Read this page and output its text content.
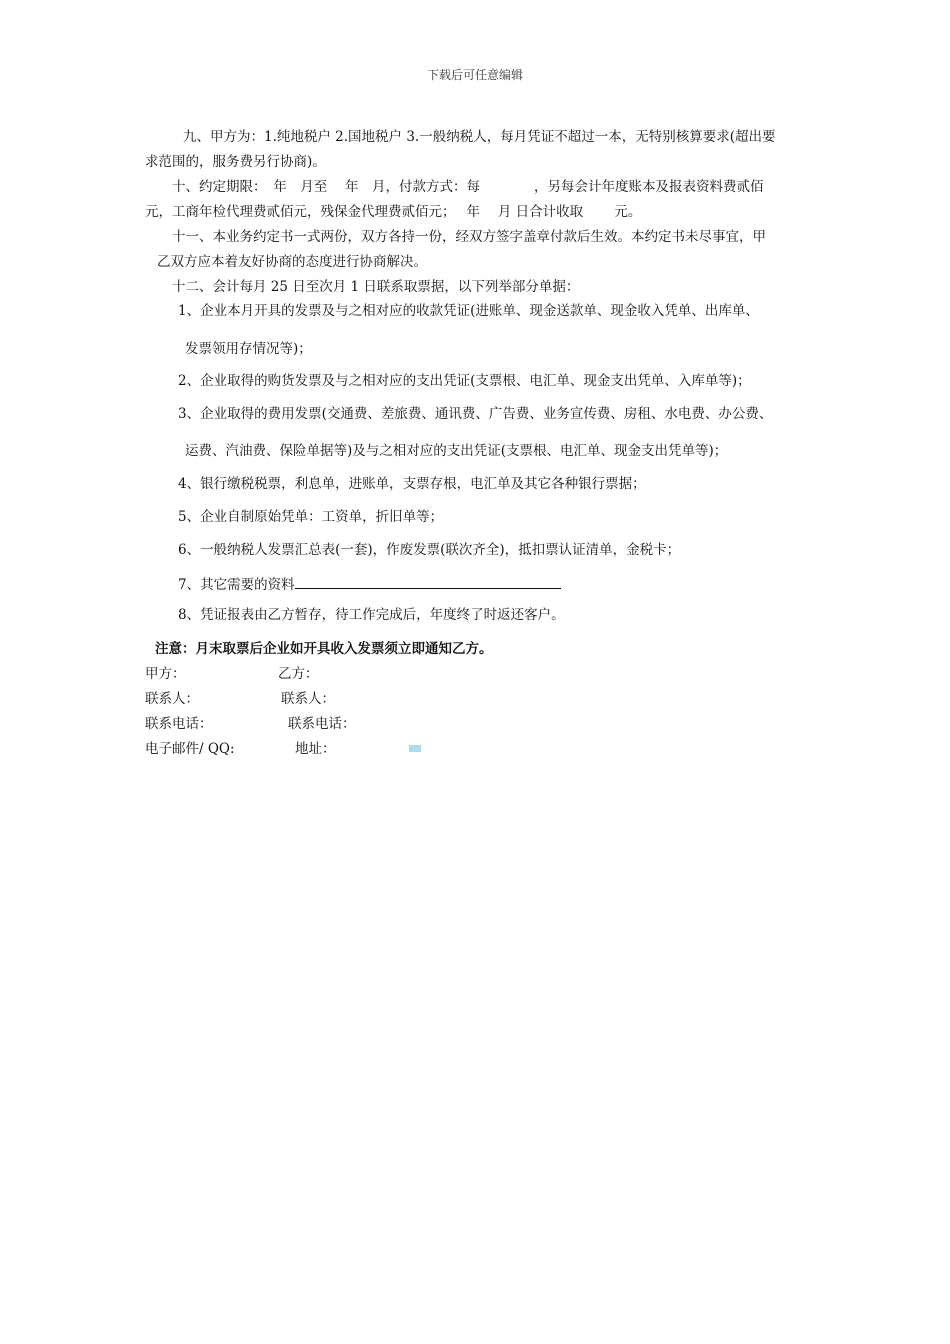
下载后可任意编辑
九、甲方为：1.纯地税户 2.国地税户 3.一般纳税人，每月凭证不超过一本，无特别核算要求(超出要
求范围的，服务费另行协商)。
十、约定期限：　年　月至　 年　月，付款方式：每　　　　，另每会计年度账本及报表资料费贰佰
元，工商年检代理费贰佰元，残保金代理费贰佰元；　 年　 月 日合计收取　　 元。
十一、本业务约定书一式两份，双方各持一份，经双方签字盖章付款后生效。本约定书未尽事宜，甲
乙双方应本着友好协商的态度进行协商解决。
十二、会计每月 25 日至次月 1 日联系取票据，以下列举部分单据：
1、企业本月开具的发票及与之相对应的收款凭证(进账单、现金送款单、现金收入凭单、出库单、
发票领用存情况等)；
2、企业取得的购货发票及与之相对应的支出凭证(支票根、电汇单、现金支出凭单、入库单等)；
3、企业取得的费用发票(交通费、差旅费、通讯费、广告费、业务宣传费、房租、水电费、办公费、
运费、汽油费、保险单据等)及与之相对应的支出凭证(支票根、电汇单、现金支出凭单等)；
4、银行缴税税票，利息单，进账单，支票存根，电汇单及其它各种银行票据；
5、企业自制原始凭单：工资单，折旧单等；
6、一般纳税人发票汇总表(一套)，作废发票(联次齐全)，抵扣票认证清单，金税卡；
7、其它需要的资料
8、凭证报表由乙方暂存，待工作完成后，年度终了时返还客户。
注意：月末取票后企业如开具收入发票须立即通知乙方。
甲方：	乙方：
联系人：	联系人：
联系电话：	联系电话：
电子邮件/ QQ:	地址：
